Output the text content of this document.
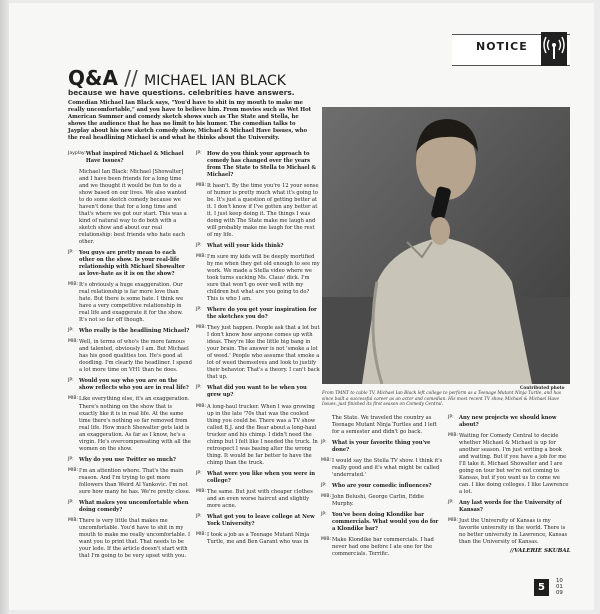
NOTICE
Q&A // MICHAEL IAN BLACK
because we have questions. celebrities have answers.
Comedian Michael Ian Black says, "You'd have to shit in my mouth to make me really uncomfortable," and you have to believe him. From movies such as Wet Hot American Summer and comedy sketch shows such as The State and Stella, he shows the audience that he has no limit to his humor. The comedian talks to Jayplay about his new sketch comedy show, Michael & Michael Have Issues, who the real headlining Michael is and what he thinks about the University.
Jayplay: What inspired Michael & Michael Have Issues?
Michael Ian Black: Michael [Showalter] and I have been friends for a long time and we thought it would be fun to do a show based on our lives. We also wanted to do some sketch comedy because we haven't done that for a long time and that's where we got our start. This was a kind of natural way to do both with a sketch show and about our real relationship: best friends who hate each other.
JP:	You guys are pretty mean to each other on the show. Is your real-life relationship with Michael Showalter as love-hate as it is on the show?
MIB: It's obviously a huge exaggeration. Our real relationship is far more love than hate. But there is some hate. I think we have a very competitive relationship in real life and exaggerate it for the show. It's not so far off though.
JP:	Who really is the headlining Michael?
MIB: Well, in terms of who's the more famous and talented, obviously I am. But Michael has his good qualities too. He's good at doodling. I'm clearly the headliner. I spend a lot more time on VH1 than he does.
JP:	Would you say who you are on the show reflects who you are in real life?
MIB: Like everything else, it's an exaggeration. There's nothing on the show that is exactly like it is in real life. At the same time there's nothing so far removed from real life. How much Showalter gets laid is an exaggeration. As far as I know, he's a virgin. He's overcompensating with all the women on the show.
JP:	Why do you use Twitter so much?
MIB: I'm an attention whore. That's the main reason. And I'm trying to get more followers than Weird Al Yankovic. I'm not sure how many he has. We're pretty close.
JP:	What makes you uncomfortable when doing comedy?
MIB: There is very little that makes me uncomfortable. You'd have to shit in my mouth to make me really uncomfortable. I want you to print that. That needs to be your lede. If the article doesn't start with that I'm going to be very upset with you.
JP:	How do you think your approach to comedy has changed over the years from The State to Stella to Michael & Michael?
MIB: It hasn't. By the time you're 12 your sense of humor is pretty much what it's going to be. It's just a question of getting better at it. I don't know if I've gotten any better at it. I just keep doing it. The things I was doing with The State make me laugh and will probably make me laugh for the rest of my life.
JP:	What will your kids think?
MIB: I'm sure my kids will be deeply mortified by me when they get old enough to see my work. We made a Stella video where we took turns sucking Ms. Claus' dick. I'm sure that won't go over well with my children but what are you going to do? This is who I am.
JP:	Where do you get your inspiration for the sketches you do?
MIB: They just happen. People ask that a lot but I don't know how anyone comes up with ideas. They're like the little big bang in your brain. The answer is not 'smoke a lot of weed.' People who assume that smoke a lot of weed themselves and look to justify their behavior. That's a theory. I can't back that up.
JP:	What did you want to be when you grew up?
MIB: A long-haul trucker. When I was growing up in the late '70s that was the coolest thing you could be. There was a TV show called B.J. and the Bear about a long-haul trucker and his chimp. I didn't need the chimp but I felt like I needed the truck. In retrospect I was basing alter the wrong thing. It would be far better to have the chimp than the truck.
JP:	What were you like when you were in college?
MIB: The same. But just with cheaper clothes and an even worse haircut and slightly more acne.
JP:	What got you to leave college at New York University?
MIB: I took a job as a Teenage Mutant Ninja Turtle, me and Ben Garant who was in
The State. We traveled the country as Teenage Mutant Ninja Turtles and I left for a semester and didn't go back.
JP:	What is your favorite thing you've done?
MIB: I would say the Stella TV show. I think it's really good and it's what might be called 'underrated.'
JP:	Who are your comedic influences?
MIB: John Belushi, George Carlin, Eddie Murphy.
JP:	You've been doing Klondike bar commercials. What would you do for a Klondike bar?
MIB: Make Klondike bar commercials. I had never had one before I ate one for the commercials. Terrific.
JP:	Any new projects we should know about?
MIB: Waiting for Comedy Central to decide whether Michael & Michael is up for another season. I'm just writing a book and waiting. But if you have a job for me I'll take it. Michael Showalter and I are going on tour but we're not coming to Kansas, but if you want us to come we can. I like doing colleges. I like Lawrence a lot.
JP:	Any last words for the University of Kansas?
MIB: Just the University of Kansas is my favorite university in the world. There is no better university in Lawrence, Kansas than the University of Kansas.
Contributed photo
From TMNT to cable TV, Michael Ian Black left college to perform as a Teenage Mutant Ninja Turtle, and has since built a successful career as an actor and comedian. His most recent TV show, Michael & Michael Have Issues, just finished its first season on Comedy Central.
//VALERIE SKUBAL
5
10
01
09
